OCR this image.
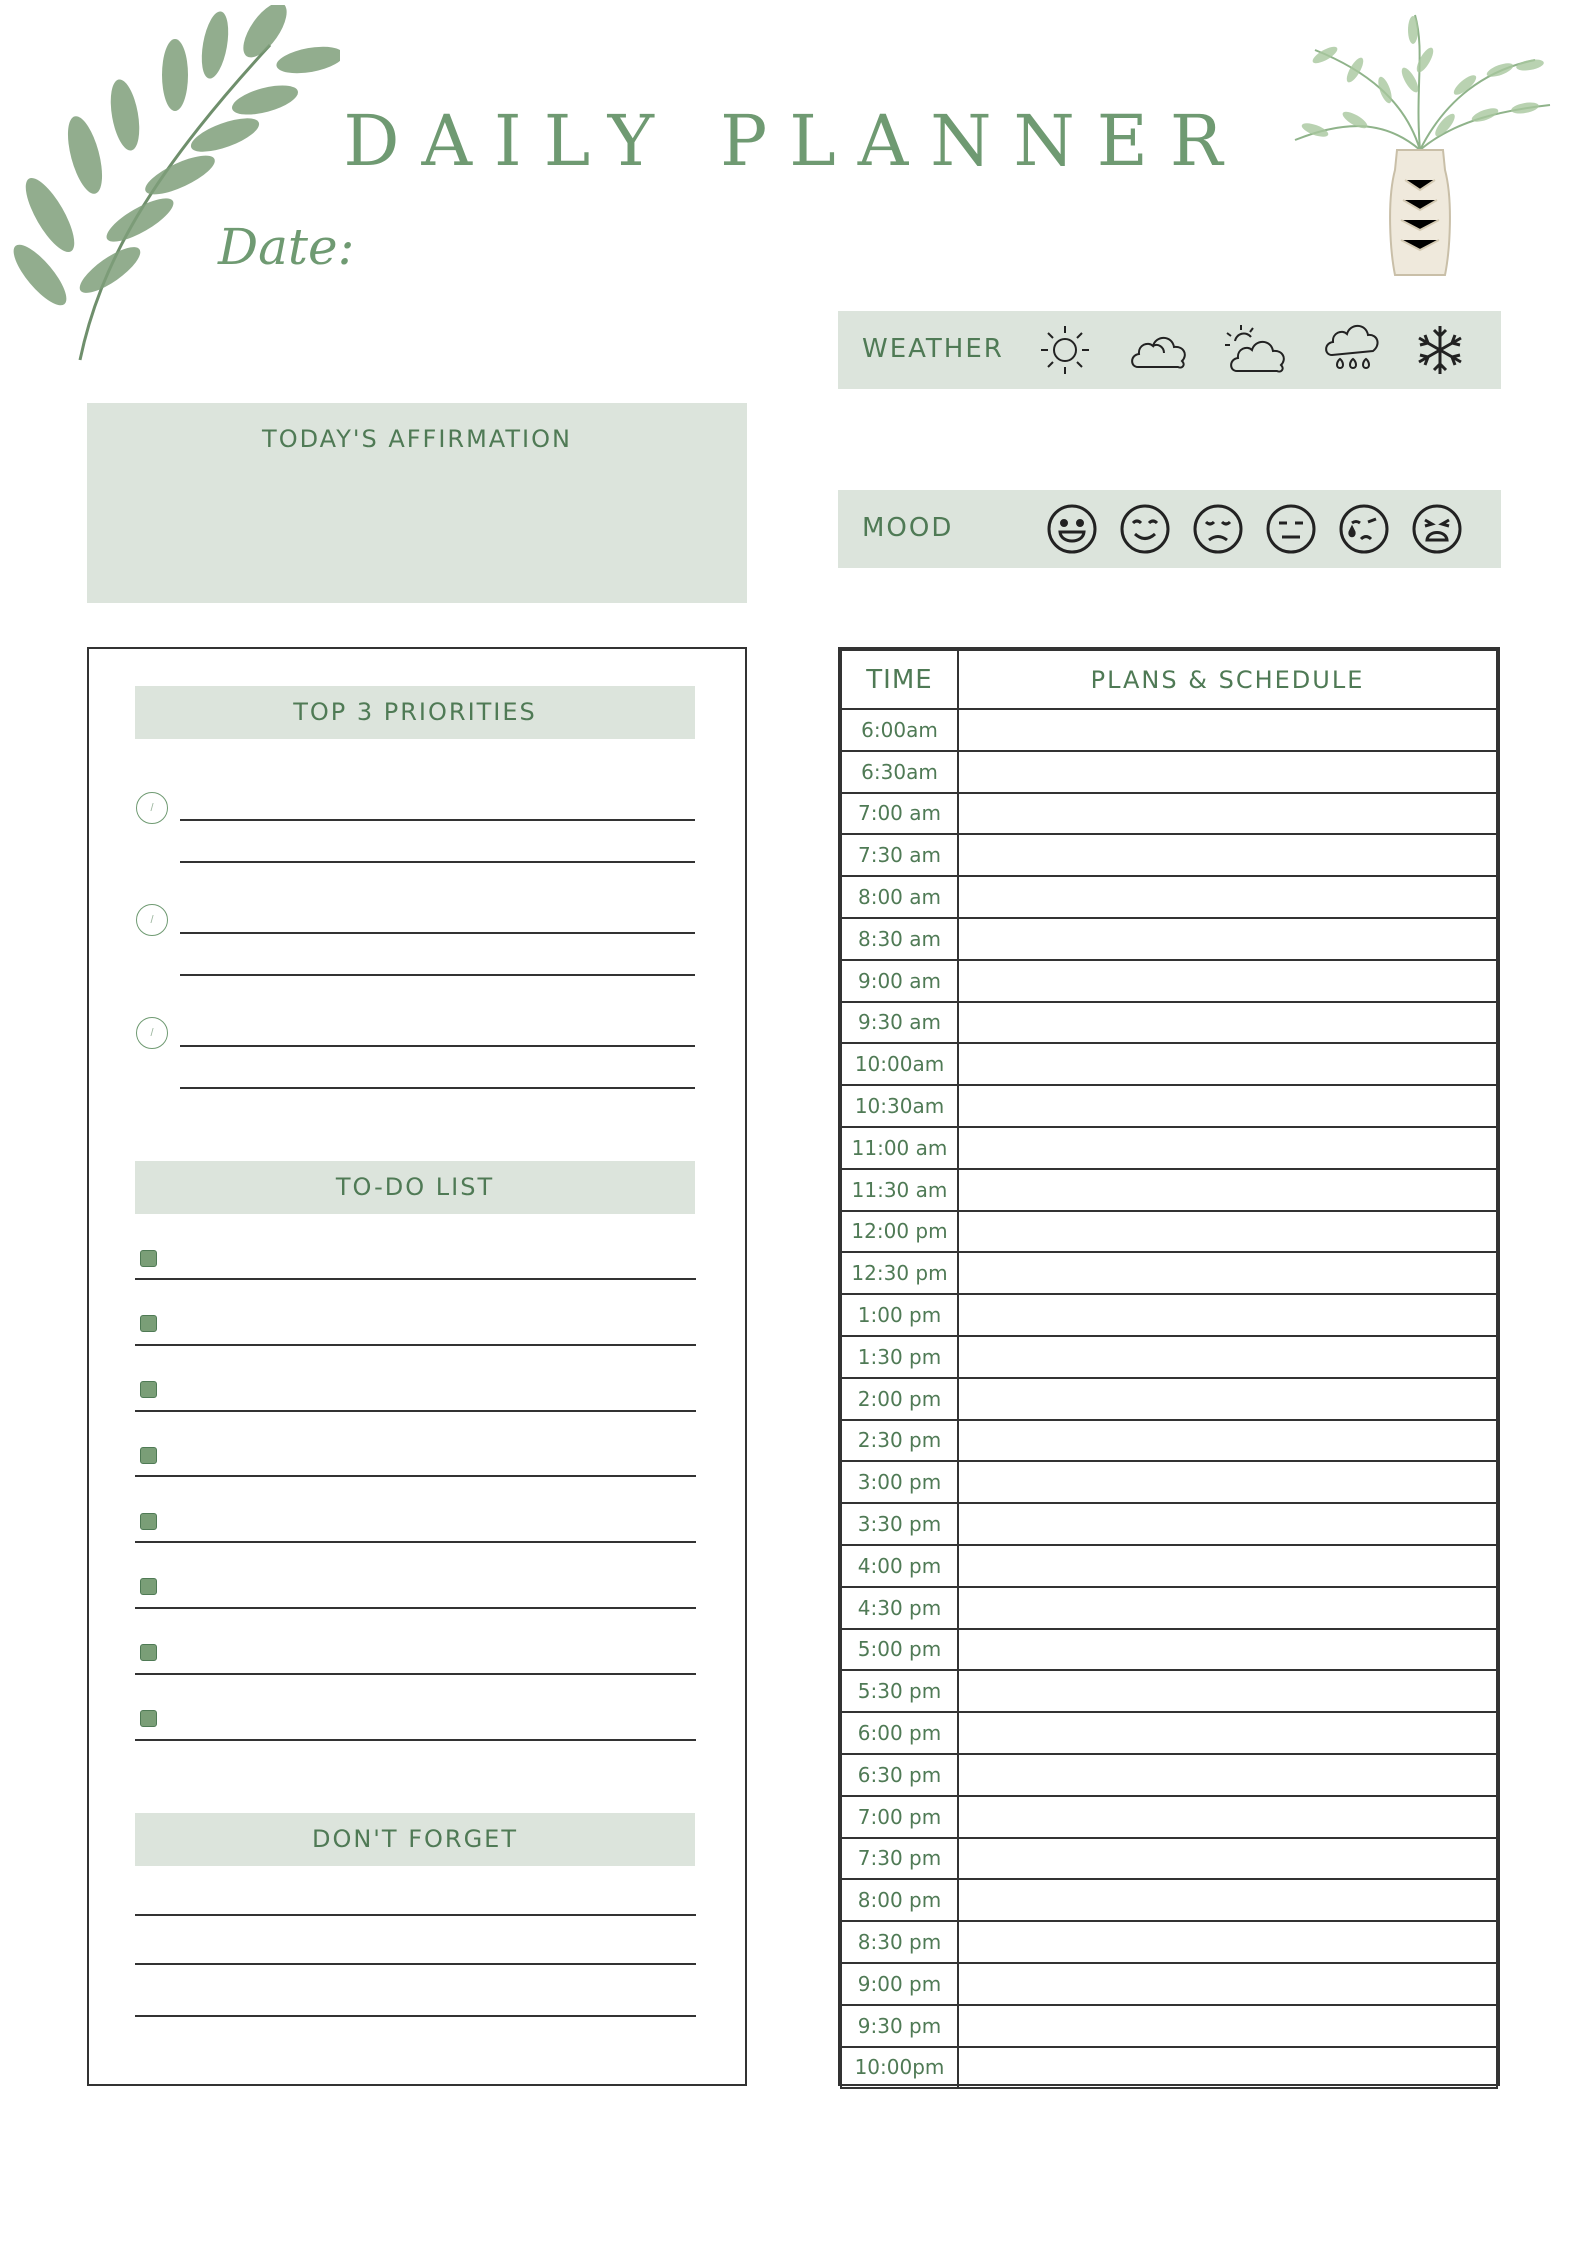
DAILY PLANNER
Date:
WEATHER
MOOD
TODAY'S AFFIRMATION
TOP 3 PRIORITIES
/
/
/
TO-DO LIST
DON'T FORGET
TIME	PLANS & SCHEDULE
6:00am	
6:30am	
7:00 am	
7:30 am	
8:00 am	
8:30 am	
9:00 am	
9:30 am	
10:00am	
10:30am	
11:00 am	
11:30 am	
12:00 pm	
12:30 pm	
1:00 pm	
1:30 pm	
2:00 pm	
2:30 pm	
3:00 pm	
3:30 pm	
4:00 pm	
4:30 pm	
5:00 pm	
5:30 pm	
6:00 pm	
6:30 pm	
7:00 pm	
7:30 pm	
8:00 pm	
8:30 pm	
9:00 pm	
9:30 pm	
10:00pm	
